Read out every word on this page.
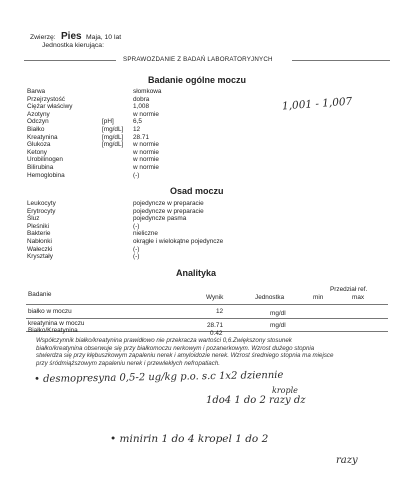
Zwierzę: Pies Maja, 10 lat
Jednostka kierująca:
SPRAWOZDANIE Z BADAŃ LABORATORYJNYCH
Badanie ogólne moczu
Barwa	słomkowa
Przejrzystość	dobra
Ciężar właściwy	1,008
Azotyny	w normie
Odczyn	[pH]	6,5
Białko	[mg/dL] 12
Kreatynina	[mg/dL] 28.71
Glukoza	[mg/dL] w normie
Ketony	w normie
Urobilinogen	w normie
Bilirubina	w normie
Hemoglobina	(-)
1,001 - 1,007
Osad moczu
Leukocyty	pojedyncze w preparacie
Erytrocyty	pojedyncze w preparacie
Śluz	pojedyncze pasma
Pleśniki	(-)
Bakterie	nieliczne
Nabłonki	okrągłe i wielokątne pojedyncze
Wałeczki	(-)
Kryształy	(-)
Analityka
Przedział ref.
Badanie	Wynik	Jednostka	min	max
białko w moczu	12	mg/dl
kreatynina w moczu	28.71	mg/dl
Białko/Kreatynina	0.42
Współczynnik białko/kreatynina prawidłowo nie przekracza wartości 0,6.Zwiększony stosunek
białko/kreatynina obserwuje się przy białkomoczu nerkowym i pozanerkowym. Wzrost dużego stopnia
stwierdza się przy kłębuszkowym zapaleniu nerek i amyloidozie nerek. Wzrost średniego stopnia ma miejsce
przy śródmiąższowym zapaleniu nerek i przewlekłych nefropatiach.
• desmopresyna 0,5-2 ug/kg p.o. s.c 1x2 dziennie
krople
1do4 1 do 2 razy dz
• minirin 1 do 4 kropel 1 do 2
razy
